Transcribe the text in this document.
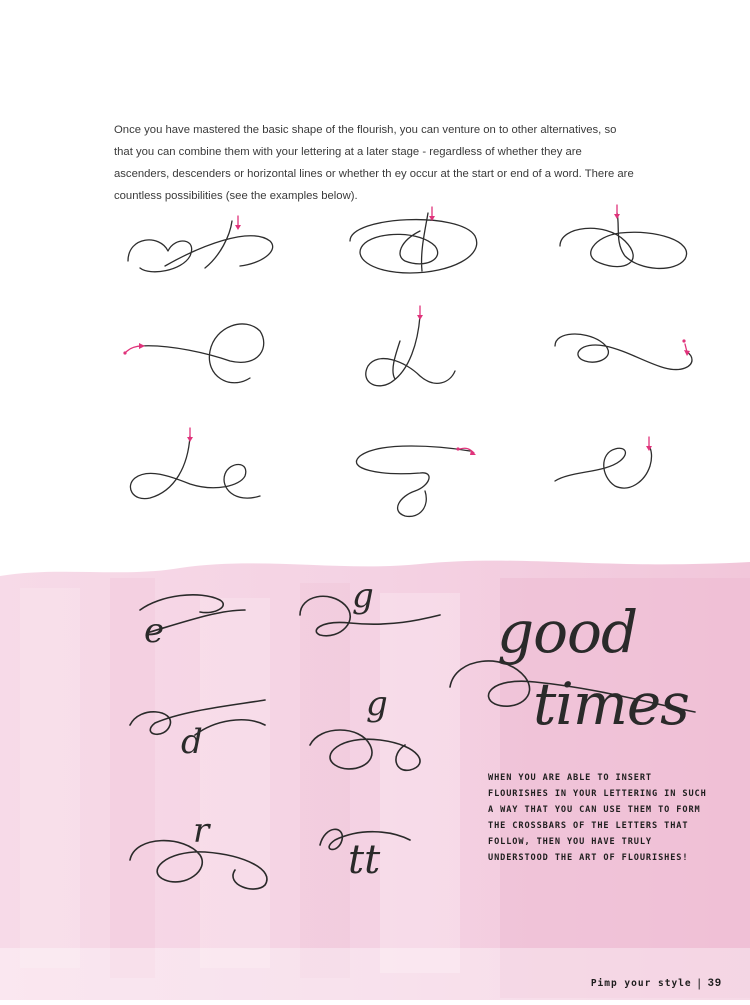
Once you have mastered the basic shape of the flourish, you can venture on to other alternatives, so that you can combine them with your lettering at a later stage - regardless of whether they are ascenders, descenders or horizontal lines or whether th ey occur at the start or end of a word. There are countless possibilities (see the examples below).

e
g
d
g
r
tt
good
times

WHEN YOU ARE ABLE TO INSERT FLOURISHES IN YOUR LETTERING IN SUCH A WAY THAT YOU CAN USE THEM TO FORM THE CROSSBARS OF THE LETTERS THAT FOLLOW, THEN YOU HAVE TRULY UNDERSTOOD THE ART OF FLOURISHES!

Pimp your style | 39
